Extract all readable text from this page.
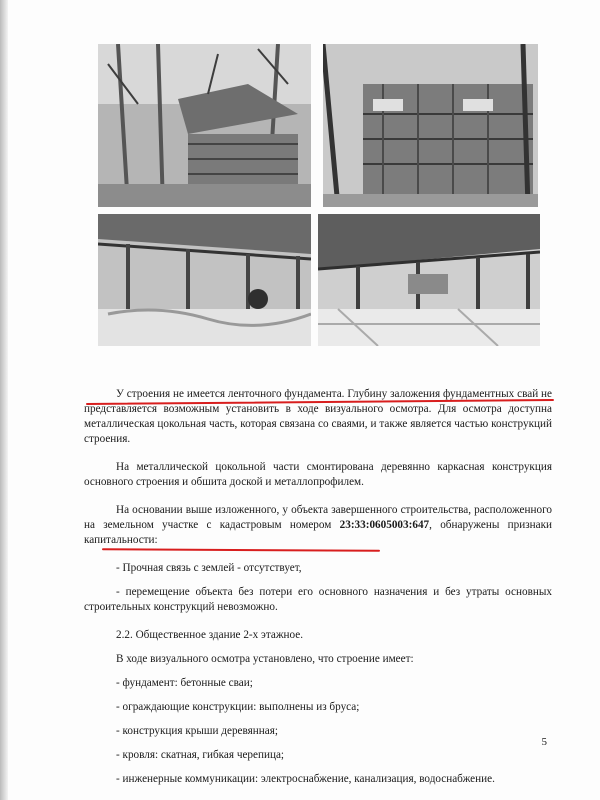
У строения не имеется ленточного фундамента. Глубину заложения фундаментных свай не представляется возможным установить в ходе визуального осмотра. Для осмотра доступна металлическая цокольная часть, которая связана со сваями, и также является частью конструкций строения.

На металлической цокольной части смонтирована деревянно каркасная конструкция основного строения и обшита доской и металлопрофилем.

На основании выше изложенного, у объекта завершенного строительства, расположенного на земельном участке с кадастровым номером 23:33:0605003:647, обнаружены признаки капитальности:

- Прочная связь с землей - отсутствует,

- перемещение объекта без потери его основного назначения и без утраты основных строительных конструкций невозможно.

2.2. Общественное здание 2-х этажное.

В ходе визуального осмотра установлено, что строение имеет:

- фундамент: бетонные сваи;

- ограждающие конструкции: выполнены из бруса;

- конструкция крыши деревянная;

- кровля: скатная, гибкая черепица;

- инженерные коммуникации: электроснабжение, канализация, водоснабжение.

5
